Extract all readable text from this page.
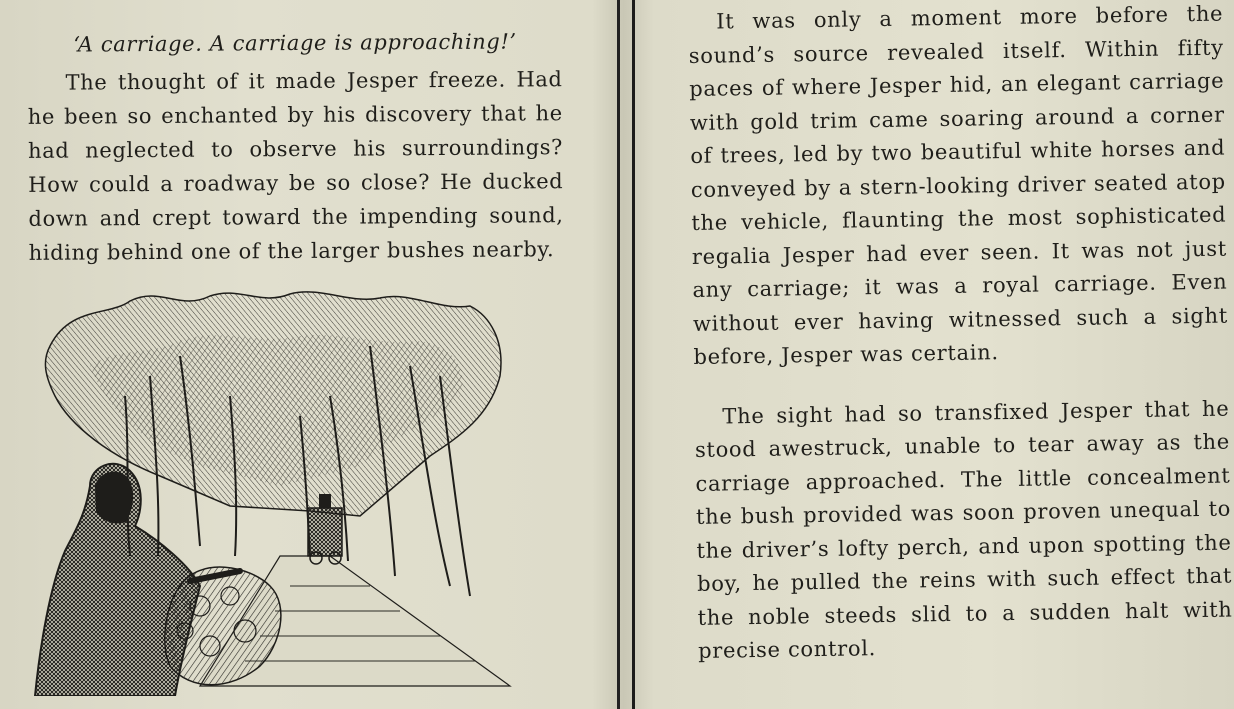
‘A carriage. A carriage is approaching!’

The thought of it made Jesper freeze. Had he been so enchanted by his discovery that he had neglected to observe his surroundings? How could a roadway be so close? He ducked down and crept toward the impending sound, hiding behind one of the larger bushes nearby.

It was only a moment more before the sound’s source revealed itself. Within fifty paces of where Jesper hid, an elegant carriage with gold trim came soaring around a corner of trees, led by two beautiful white horses and conveyed by a stern-looking driver seated atop the vehicle, flaunting the most sophisticated regalia Jesper had ever seen. It was not just any carriage; it was a royal carriage. Even without ever having witnessed such a sight before, Jesper was certain.

The sight had so transfixed Jesper that he stood awestruck, unable to tear away as the carriage approached. The little concealment the bush provided was soon proven unequal to the driver’s lofty perch, and upon spotting the boy, he pulled the reins with such effect that the noble steeds slid to a sudden halt with precise control.
